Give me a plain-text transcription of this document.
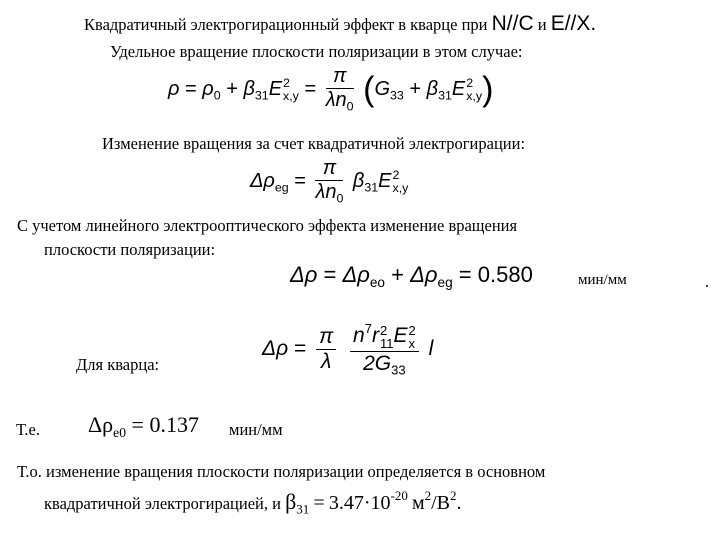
Квадратичный электрогирационный эффект в кварце при N//C и E//X.
Удельное вращение плоскости поляризации в этом случае:
$\rho = \rho_0 + \beta_{31}E$ 2
$x,y = \frac{\pi}{\lambda n_0} (G_{33} + \beta_{31}E$ 2
x,y )
Изменение вращения за счет квадратичной электрогирации:
$\Delta\rho_{eg} = \frac{\pi}{\lambda n_0} \beta_{31}E$ 2
x,y
С учетом линейного электрооптического эффекта изменение вращения
плоскости поляризации:
$\Delta\rho = \Delta\rho_{eo} + \Delta\rho_{eg} = 0.580$	мин/мм	.
Для кварца:
$\Delta\rho = \frac{\pi}{\lambda}$
$n^7r$ 2
11 E 2
x
$2G_{33}$ l
Т.е. $\Delta\rho_{e0} = 0.137$ мин/мм
Т.о. изменение вращения плоскости поляризации определяется в основном
квадратичной электрогирацией, и $\beta_{31} = 3.47\cdot 10^{-20}$ $м^2/В^2$.
